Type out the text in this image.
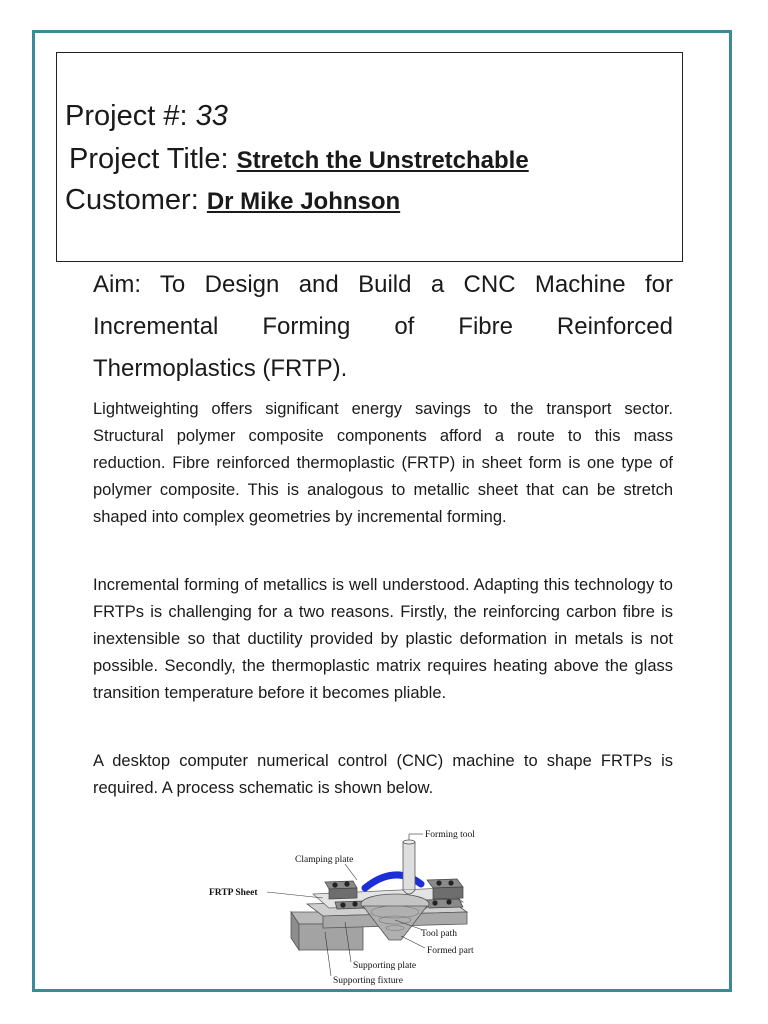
Project #: 33
Project Title: Stretch the Unstretchable
Customer: Dr Mike Johnson
Aim: To Design and Build a CNC Machine for Incremental Forming of Fibre Reinforced Thermoplastics (FRTP).

Lightweighting offers significant energy savings to the transport sector. Structural polymer composite components afford a route to this mass reduction. Fibre reinforced thermoplastic (FRTP) in sheet form is one type of polymer composite. This is analogous to metallic sheet that can be stretch shaped into complex geometries by incremental forming.

Incremental forming of metallics is well understood. Adapting this technology to FRTPs is challenging for a two reasons. Firstly, the reinforcing carbon fibre is inextensible so that ductility provided by plastic deformation in metals is not possible. Secondly, the thermoplastic matrix requires heating above the glass transition temperature before it becomes pliable.

A desktop computer numerical control (CNC) machine to shape FRTPs is required. A process schematic is shown below.

Forming tool
Clamping plate
FRTP Sheet
Tool path
Formed part
Supporting plate
Supporting fixture
